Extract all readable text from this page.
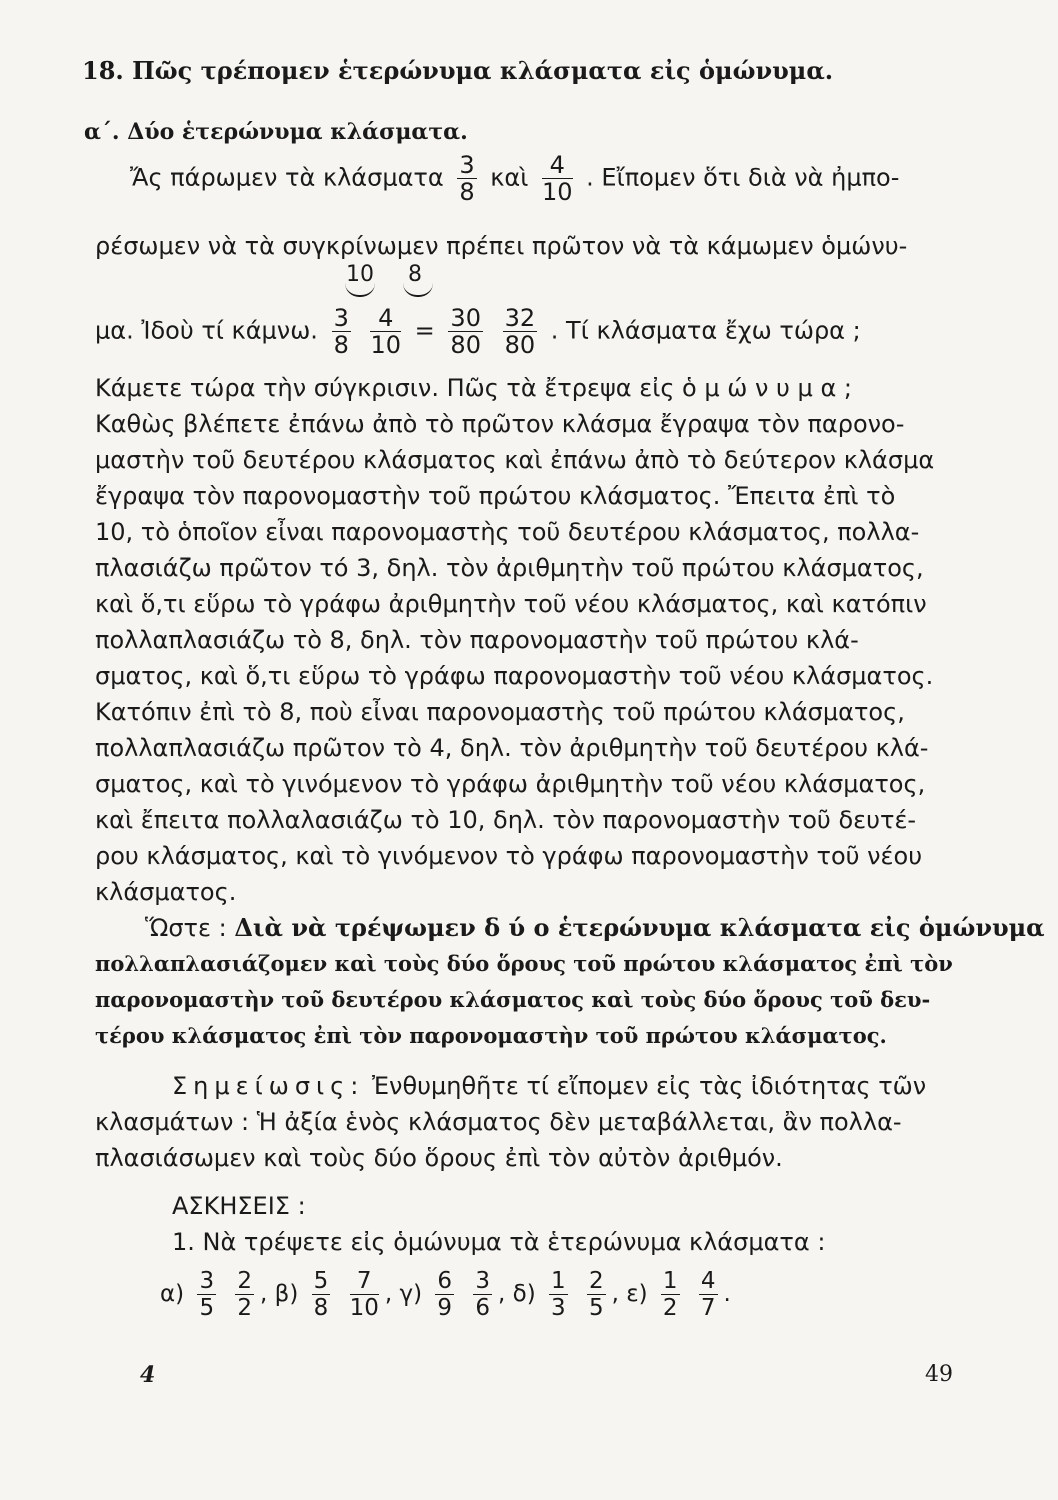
18. Πῶς τρέπομεν ἑτερώνυμα κλάσματα εἰς ὁμώνυμα.
α΄. Δύο ἑτερώνυμα κλάσματα.
Ἄς πάρωμεν τὰ κλάσματα $\frac{3}{8}$ καὶ $\frac{4}{10}$ . Εἴπομεν ὅτι διὰ νὰ ἠμπο-
ρέσωμεν νὰ τὰ συγκρίνωμεν πρέπει πρῶτον νὰ τὰ κάμωμεν ὁμώνυ-
10 8
μα. Ἰδοὺ τί κάμνω. $\frac{3}{8}$
$\frac{4}{10} = \frac{30}{80}$
$\frac{32}{80}$ . Τί κλάσματα ἔχω τώρα ;
Κάμετε τώρα τὴν σύγκρισιν. Πῶς τὰ ἔτρεψα εἰς ὁ μ ώ ν υ μ α ;
Καθὼς βλέπετε ἐπάνω ἀπὸ τὸ πρῶτον κλάσμα ἔγραψα τὸν παρονο-
μαστὴν τοῦ δευτέρου κλάσματος καὶ ἐπάνω ἀπὸ τὸ δεύτερον κλάσμα
ἔγραψα τὸν παρονομαστὴν τοῦ πρώτου κλάσματος. Ἔπειτα ἐπὶ τὸ
10, τὸ ὁποῖον εἶναι παρονομαστὴς τοῦ δευτέρου κλάσματος, πολλα-
πλασιάζω πρῶτον τό 3, δηλ. τὸν ἀριθμητὴν τοῦ πρώτου κλάσματος,
καὶ ὅ,τι εὕρω τὸ γράφω ἀριθμητὴν τοῦ νέου κλάσματος, καὶ κατόπιν
πολλαπλασιάζω τὸ 8, δηλ. τὸν παρονομαστὴν τοῦ πρώτου κλά-
σματος, καὶ ὅ,τι εὕρω τὸ γράφω παρονομαστὴν τοῦ νέου κλάσματος.
Κατόπιν ἐπὶ τὸ 8, ποὺ εἶναι παρονομαστὴς τοῦ πρώτου κλάσματος,
πολλαπλασιάζω πρῶτον τὸ 4, δηλ. τὸν ἀριθμητὴν τοῦ δευτέρου κλά-
σματος, καὶ τὸ γινόμενον τὸ γράφω ἀριθμητὴν τοῦ νέου κλάσματος,
καὶ ἔπειτα πολλαλασιάζω τὸ 10, δηλ. τὸν παρονομαστὴν τοῦ δευτέ-
ρου κλάσματος, καὶ τὸ γινόμενον τὸ γράφω παρονομαστὴν τοῦ νέου
κλάσματος.
Ὥστε : Διὰ νὰ τρέψωμεν δ ύ ο ἑτερώνυμα κλάσματα εἰς ὁμώνυμα
πολλαπλασιάζομεν καὶ τοὺς δύο ὅρους τοῦ πρώτου κλάσματος ἐπὶ τὸν
παρονομαστὴν τοῦ δευτέρου κλάσματος καὶ τοὺς δύο ὅρους τοῦ δευ-
τέρου κλάσματος ἐπὶ τὸν παρονομαστὴν τοῦ πρώτου κλάσματος.
Σημείωσις: Ἐνθυμηθῆτε τί εἴπομεν εἰς τὰς ἰδιότητας τῶν
κλασμάτων : Ἡ ἀξία ἑνὸς κλάσματος δὲν μεταβάλλεται, ἂν πολλα-
πλασιάσωμεν καὶ τοὺς δύο ὅρους ἐπὶ τὸν αὐτὸν ἀριθμόν.
ΑΣΚΗΣΕΙΣ :
1. Νὰ τρέψετε εἰς ὁμώνυμα τὰ ἑτερώνυμα κλάσματα :
$\alpha) \frac{3}{5}$
$\frac{2}{2}$ , $\beta) \frac{5}{8}$
$\frac{7}{10}$ , $\gamma) \frac{6}{9}$
$\frac{3}{6}$ , $\delta) \frac{1}{3}$
$\frac{2}{5}$ , $\varepsilon) \frac{1}{2}$
$\frac{4}{7}$ .
4	49
